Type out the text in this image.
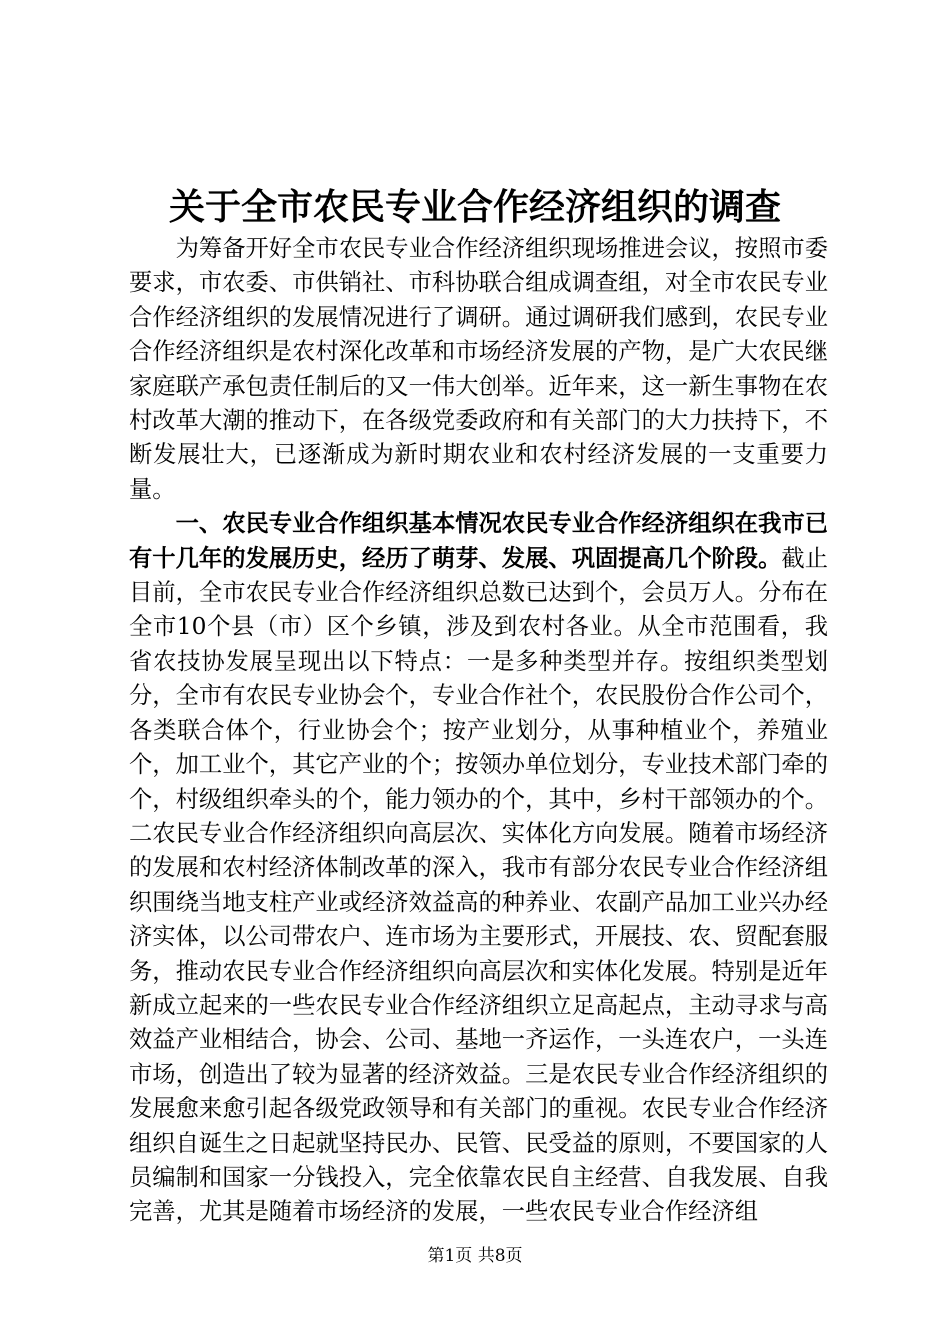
关于全市农民专业合作经济组织的调查

为筹备开好全市农民专业合作经济组织现场推进会议，按照市委要求，市农委、市供销社、市科协联合组成调查组，对全市农民专业合作经济组织的发展情况进行了调研。通过调研我们感到，农民专业合作经济组织是农村深化改革和市场经济发展的产物，是广大农民继家庭联产承包责任制后的又一伟大创举。近年来，这一新生事物在农村改革大潮的推动下，在各级党委政府和有关部门的大力扶持下，不断发展壮大，已逐渐成为新时期农业和农村经济发展的一支重要力量。

一、农民专业合作组织基本情况农民专业合作经济组织在我市已有十几年的发展历史，经历了萌芽、发展、巩固提高几个阶段。截止目前，全市农民专业合作经济组织总数已达到个，会员万人。分布在全市10个县（市）区个乡镇，涉及到农村各业。从全市范围看，我省农技协发展呈现出以下特点：一是多种类型并存。按组织类型划分，全市有农民专业协会个，专业合作社个，农民股份合作公司个，各类联合体个，行业协会个；按产业划分，从事种植业个，养殖业个，加工业个，其它产业的个；按领办单位划分，专业技术部门牵的个，村级组织牵头的个，能力领办的个，其中，乡村干部领办的个。二农民专业合作经济组织向高层次、实体化方向发展。随着市场经济的发展和农村经济体制改革的深入，我市有部分农民专业合作经济组织围绕当地支柱产业或经济效益高的种养业、农副产品加工业兴办经济实体，以公司带农户、连市场为主要形式，开展技、农、贸配套服务，推动农民专业合作经济组织向高层次和实体化发展。特别是近年新成立起来的一些农民专业合作经济组织立足高起点，主动寻求与高效益产业相结合，协会、公司、基地一齐运作，一头连农户，一头连市场，创造出了较为显著的经济效益。三是农民专业合作经济组织的发展愈来愈引起各级党政领导和有关部门的重视。农民专业合作经济组织自诞生之日起就坚持民办、民管、民受益的原则，不要国家的人员编制和国家一分钱投入，完全依靠农民自主经营、自我发展、自我完善，尤其是随着市场经济的发展，一些农民专业合作经济组

第1页 共8页
